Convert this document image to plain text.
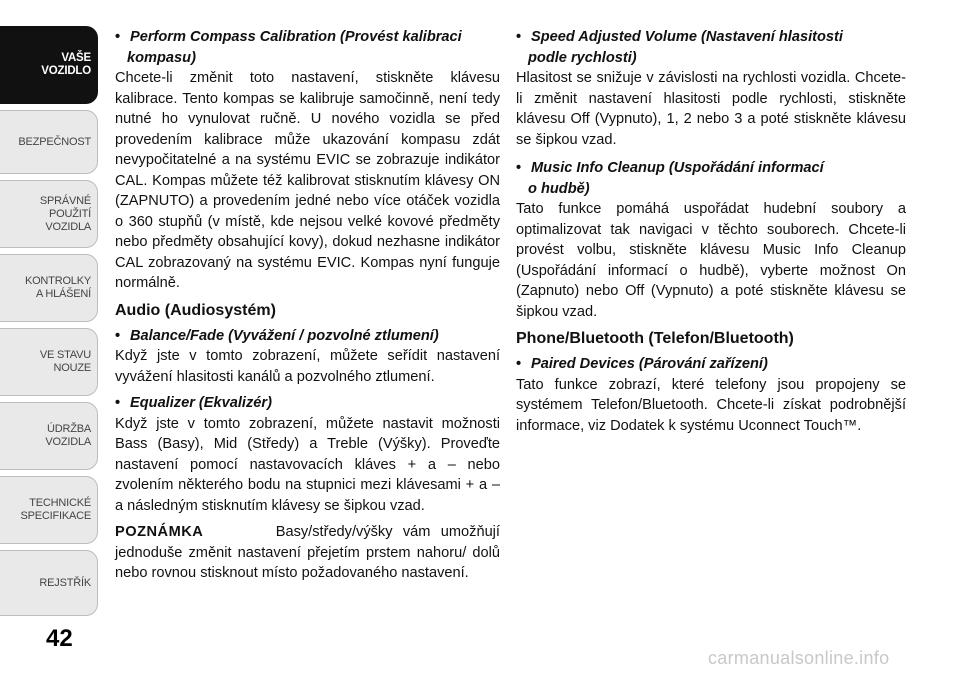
VAŠE
VOZIDLO
BEZPEČNOST
SPRÁVNÉ
POUŽITÍ
VOZIDLA
KONTROLKY
A HLÁŠENÍ
VE STAVU
NOUZE
ÚDRŽBA
VOZIDLA
TECHNICKÉ
SPECIFIKACE
REJSTŘÍK
42
carmanualsonline.info

• Perform Compass Calibration (Provést kalibraci
kompasu)

Chcete-li změnit toto nastavení, stiskněte klávesu kalibrace. Tento kompas se kalibruje samočinně, není tedy nutné ho vynulovat ručně. U nového vozidla se před provedením kalibrace může ukazování kompasu zdát nevypočitatelné a na systému EVIC se zobrazuje indikátor CAL. Kompas můžete též kalibrovat stisknutím klávesy ON (ZAPNUTO) a provedením jedné nebo více otáček vozidla o 360 stupňů (v místě, kde nejsou velké kovové předměty nebo předměty obsahující kovy), dokud nezhasne indikátor CAL zobrazovaný na systému EVIC. Kompas nyní funguje normálně.

Audio (Audiosystém)

• Balance/Fade (Vyvážení / pozvolné ztlumení)

Když jste v tomto zobrazení, můžete seřídit nastavení vyvážení hlasitosti kanálů a pozvolného ztlumení.

• Equalizer (Ekvalizér)

Když jste v tomto zobrazení, můžete nastavit možnosti Bass (Basy), Mid (Středy) a Treble (Výšky). Proveďte nastavení pomocí nastavovacích kláves + a – nebo zvolením některého bodu na stupnici mezi klávesami + a – a následným stisknutím klávesy se šipkou vzad.

POZNÁMKA	Basy/středy/výšky vám umožňují jednoduše změnit nastavení přejetím prstem nahoru/ dolů nebo rovnou stisknout místo požadovaného nastavení.

• Speed Adjusted Volume (Nastavení hlasitosti
podle rychlosti)

Hlasitost se snižuje v závislosti na rychlosti vozidla. Chcete-li změnit nastavení hlasitosti podle rychlosti, stiskněte klávesu Off (Vypnuto), 1, 2 nebo 3 a poté stiskněte klávesu se šipkou vzad.

• Music Info Cleanup (Uspořádání informací
o hudbě)

Tato funkce pomáhá uspořádat hudební soubory a optimalizovat tak navigaci v těchto souborech. Chcete-li provést volbu, stiskněte klávesu Music Info Cleanup (Uspořádání informací o hudbě), vyberte možnost On (Zapnuto) nebo Off (Vypnuto) a poté stiskněte klávesu se šipkou vzad.

Phone/Bluetooth (Telefon/Bluetooth)

• Paired Devices (Párování zařízení)

Tato funkce zobrazí, které telefony jsou propojeny se systémem Telefon/Bluetooth. Chcete-li získat podrobnější informace, viz Dodatek k systému Uconnect Touch™.
